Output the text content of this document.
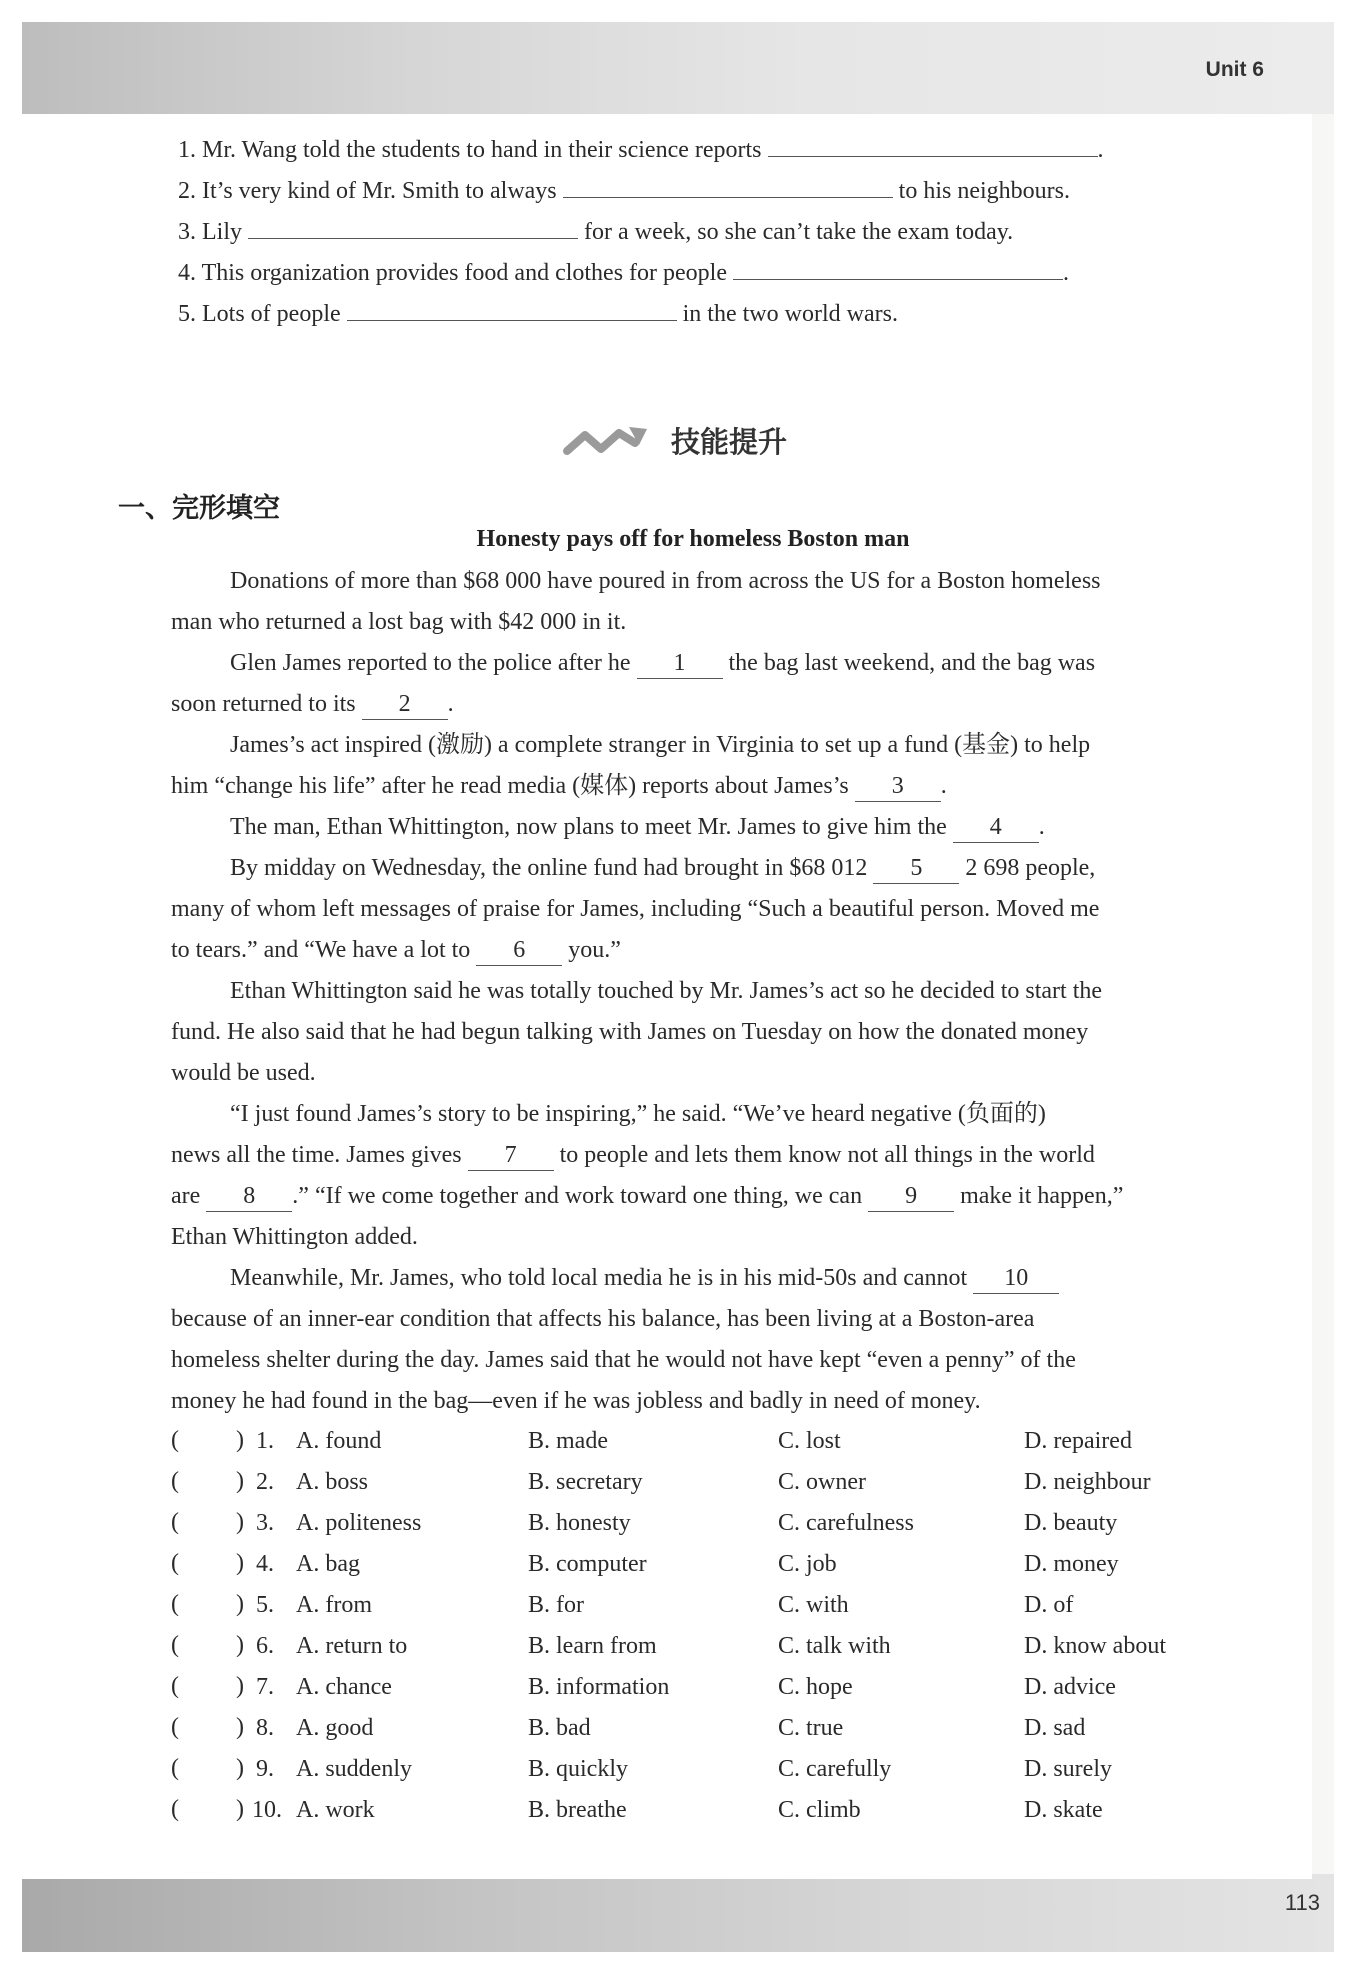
Unit 6
1. Mr. Wang told the students to hand in their science reports	.
2. It’s very kind of Mr. Smith to always	to his neighbours.
3. Lily	for a week, so she can’t take the exam today.
4. This organization provides food and clothes for people	.
5. Lots of people	in the two world wars.
技能提升
一、完形填空
Honesty pays off for homeless Boston man
Donations of more than $68 000 have poured in from across the US for a Boston homeless
man who returned a lost bag with $42 000 in it.
Glen James reported to the police after he 1 the bag last weekend, and the bag was
soon returned to its 2 .
James’s act inspired (激励) a complete stranger in Virginia to set up a fund (基金) to help
him “change his life” after he read media (媒体) reports about James’s 3 .
The man, Ethan Whittington, now plans to meet Mr. James to give him the 4 .
By midday on Wednesday, the online fund had brought in $68 012 5 2 698 people,
many of whom left messages of praise for James, including “Such a beautiful person. Moved me
to tears.” and “We have a lot to 6 you.”
Ethan Whittington said he was totally touched by Mr. James’s act so he decided to start the
fund. He also said that he had begun talking with James on Tuesday on how the donated money
would be used.
“I just found James’s story to be inspiring,” he said. “We’ve heard negative (负面的)
news all the time. James gives 7 to people and lets them know not all things in the world
are 8 .” “If we come together and work toward one thing, we can 9 make it happen,”
Ethan Whittington added.
Meanwhile, Mr. James, who told local media he is in his mid-50s and cannot 10
because of an inner-ear condition that affects his balance, has been living at a Boston-area
homeless shelter during the day. James said that he would not have kept “even a penny” of the
money he had found in the bag—even if he was jobless and badly in need of money.
( ) 1. A. found	B. made	C. lost	D. repaired
( ) 2. A. boss	B. secretary	C. owner	D. neighbour
( ) 3. A. politeness	B. honesty	C. carefulness	D. beauty
( ) 4. A. bag	B. computer	C. job	D. money
( ) 5. A. from	B. for	C. with	D. of
( ) 6. A. return to	B. learn from	C. talk with	D. know about
( ) 7. A. chance	B. information	C. hope	D. advice
( ) 8. A. good	B. bad	C. true	D. sad
( ) 9. A. suddenly	B. quickly	C. carefully	D. surely
( ) 10. A. work	B. breathe	C. climb	D. skate
113
